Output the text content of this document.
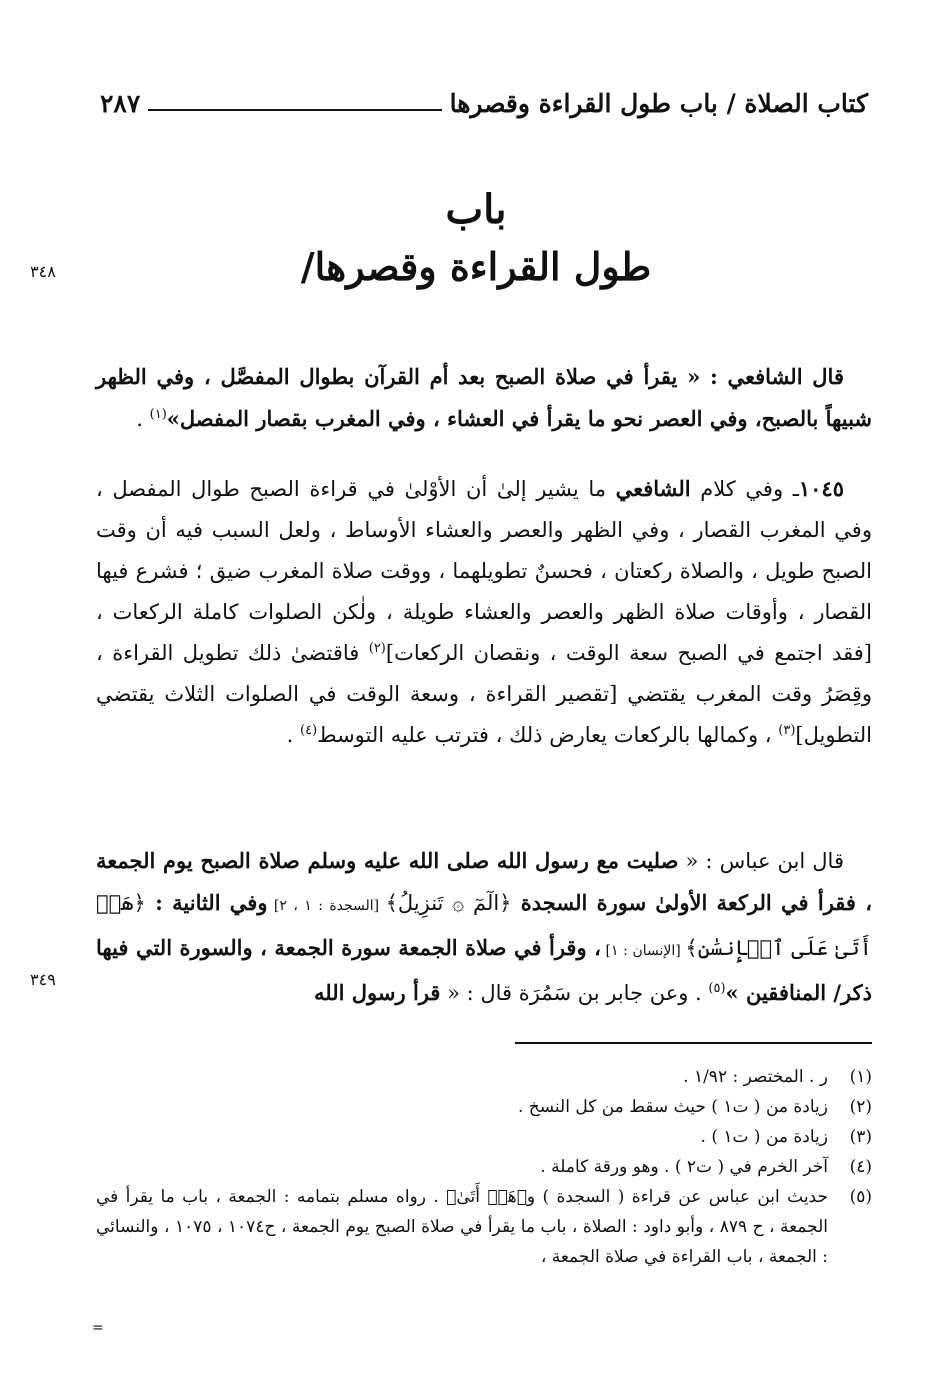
كتاب الصلاة / باب طول القراءة وقصرها
٢٨٧
باب
طول القراءة وقصرها/
٣٤٨
٣٤٩

قال الشافعي : « يقرأ في صلاة الصبح بعد أم القرآن بطوال المفصَّل ، وفي الظهر شبيهاً بالصبح، وفي العصر نحو ما يقرأ في العشاء ، وفي المغرب بقصار المفصل»$^{(١)}$ .

١٠٤٥ـ وفي كلام الشافعي ما يشير إلىٰ أن الأوْلىٰ في قراءة الصبح طوال المفصل ، وفي المغرب القصار ، وفي الظهر والعصر والعشاء الأوساط ، ولعل السبب فيه أن وقت الصبح طويل ، والصلاة ركعتان ، فحسنٌ تطويلهما ، ووقت صلاة المغرب ضيق ؛ فشرع فيها القصار ، وأوقات صلاة الظهر والعصر والعشاء طويلة ، ولٰكن الصلوات كاملة الركعات ، [فقد اجتمع في الصبح سعة الوقت ، ونقصان الركعات]$^{(٢)}$ فاقتضىٰ ذلك تطويل القراءة ، وقِصَرُ وقت المغرب يقتضي [تقصير القراءة ، وسعة الوقت في الصلوات الثلاث يقتضي التطويل]$^{(٣)}$ ، وكمالها بالركعات يعارض ذلك ، فترتب عليه التوسط$^{(٤)}$ .

قال ابن عباس : « صليت مع رسول الله صلى الله عليه وسلم صلاة الصبح يوم الجمعة ، فقرأ في الركعة الأولىٰ سورة السجدة ﴿الٓمٓ ۞ تَنزِيلُ﴾ [السجدة : ١ ، ٢] وفي الثانية : ﴿هَلۡ أَتَىٰ عَلَى ٱلۡإِنسَٰنِ﴾ [الإنسان : ١] ، وقرأ في صلاة الجمعة سورة الجمعة ، والسورة التي فيها ذكر/ المنافقين »$^{(٥)}$ . وعن جابر بن سَمُرَة قال : « قرأ رسول الله

(١)
ر . المختصر : ١/٩٢ .
(٢)
زيادة من ( ت١ ) حيث سقط من كل النسخ .
(٣)
زيادة من ( ت١ ) .
(٤)
آخر الخرم في ( ت٢ ) . وهو ورقة كاملة .
(٥)
حديث ابن عباس عن قراءة ( السجدة ) و﴿هَلۡ أَتَىٰ﴾ . رواه مسلم بتمامه : الجمعة ، باب ما يقرأ في الجمعة ، ح ٨٧٩ ، وأبو داود : الصلاة ، باب ما يقرأ في صلاة الصبح يوم الجمعة ، ح١٠٧٤ ، ١٠٧٥ ، والنسائي : الجمعة ، باب القراءة في صلاة الجمعة ،
=
